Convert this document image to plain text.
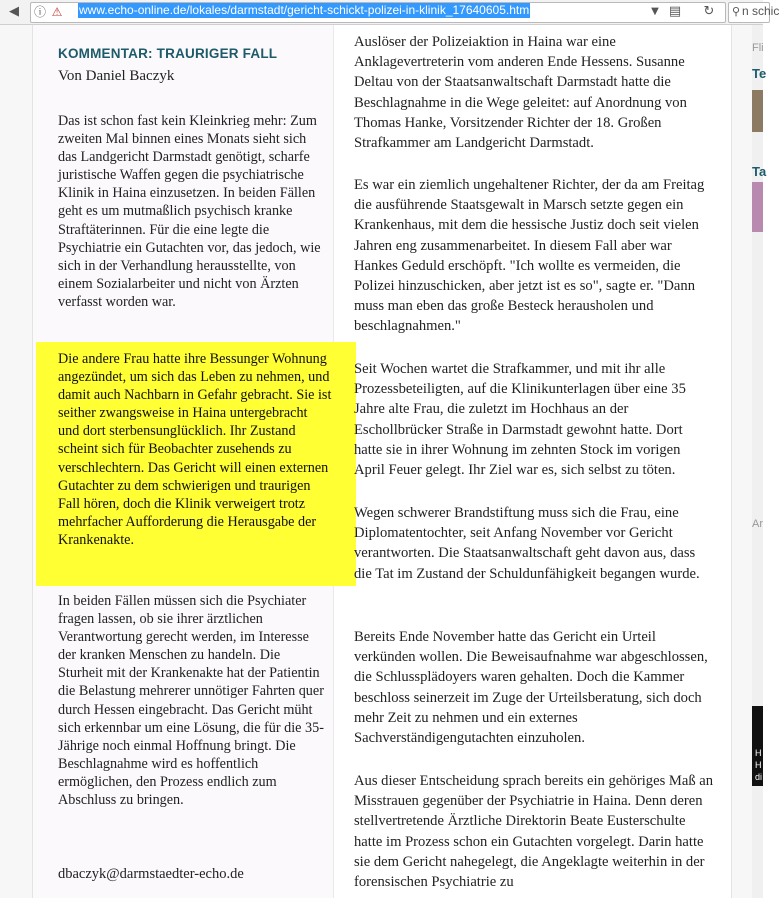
◀	ⓘ ⚠ www.echo-online.de/lokales/darmstadt/gericht-schickt-polizei-in-klinik_17640605.htm	▼ ▤ ↻	⚲ n schic
Fli
Te
Ta
Ar
H
H
di
KOMMENTAR: TRAURIGER FALL
Von Daniel Baczyk
Das ist schon fast kein Kleinkrieg mehr: Zum zweiten Mal binnen eines Monats sieht sich das Landgericht Darmstadt genötigt, scharfe juristische Waffen gegen die psychiatrische Klinik in Haina einzusetzen. In beiden Fällen geht es um mutmaßlich psychisch kranke Straftäterinnen. Für die eine legte die Psychiatrie ein Gutachten vor, das jedoch, wie sich in der Verhandlung herausstellte, von einem Sozialarbeiter und nicht von Ärzten verfasst worden war.
Die andere Frau hatte ihre Bessunger Wohnung angezündet, um sich das Leben zu nehmen, und damit auch Nachbarn in Gefahr gebracht. Sie ist seither zwangsweise in Haina untergebracht und dort sterbensunglücklich. Ihr Zustand scheint sich für Beobachter zusehends zu verschlechtern. Das Gericht will einen externen Gutachter zu dem schwierigen und traurigen Fall hören, doch die Klinik verweigert trotz mehrfacher Aufforderung die Herausgabe der Krankenakte.
In beiden Fällen müssen sich die Psychiater fragen lassen, ob sie ihrer ärztlichen Verantwortung gerecht werden, im Interesse der kranken Menschen zu handeln. Die Sturheit mit der Krankenakte hat der Patientin die Belastung mehrerer unnötiger Fahrten quer durch Hessen eingebracht. Das Gericht müht sich erkennbar um eine Lösung, die für die 35-Jährige noch einmal Hoffnung bringt. Die Beschlagnahme wird es hoffentlich ermöglichen, den Prozess endlich zum Abschluss zu bringen.
dbaczyk@darmstaedter-echo.de
Auslöser der Polizeiaktion in Haina war eine Anklagevertreterin vom anderen Ende Hessens. Susanne Deltau von der Staatsanwaltschaft Darmstadt hatte die Beschlagnahme in die Wege geleitet: auf Anordnung von Thomas Hanke, Vorsitzender Richter der 18. Großen Strafkammer am Landgericht Darmstadt.
Es war ein ziemlich ungehaltener Richter, der da am Freitag die ausführende Staatsgewalt in Marsch setzte gegen ein Krankenhaus, mit dem die hessische Justiz doch seit vielen Jahren eng zusammenarbeitet. In diesem Fall aber war Hankes Geduld erschöpft. "Ich wollte es vermeiden, die Polizei hinzuschicken, aber jetzt ist es so", sagte er. "Dann muss man eben das große Besteck herausholen und beschlagnahmen."
Seit Wochen wartet die Strafkammer, und mit ihr alle Prozessbeteiligten, auf die Klinikunterlagen über eine 35 Jahre alte Frau, die zuletzt im Hochhaus an der Eschollbrücker Straße in Darmstadt gewohnt hatte. Dort hatte sie in ihrer Wohnung im zehnten Stock im vorigen April Feuer gelegt. Ihr Ziel war es, sich selbst zu töten.
Wegen schwerer Brandstiftung muss sich die Frau, eine Diplomatentochter, seit Anfang November vor Gericht verantworten. Die Staatsanwaltschaft geht davon aus, dass die Tat im Zustand der Schuldunfähigkeit begangen wurde.
Bereits Ende November hatte das Gericht ein Urteil verkünden wollen. Die Beweisaufnahme war abgeschlossen, die Schlussplädoyers waren gehalten. Doch die Kammer beschloss seinerzeit im Zuge der Urteilsberatung, sich doch mehr Zeit zu nehmen und ein externes Sachverständigengutachten einzuholen.
Aus dieser Entscheidung sprach bereits ein gehöriges Maß an Misstrauen gegenüber der Psychiatrie in Haina. Denn deren stellvertretende Ärztliche Direktorin Beate Eusterschulte hatte im Prozess schon ein Gutachten vorgelegt. Darin hatte sie dem Gericht nahegelegt, die Angeklagte weiterhin in der forensischen Psychiatrie zu
